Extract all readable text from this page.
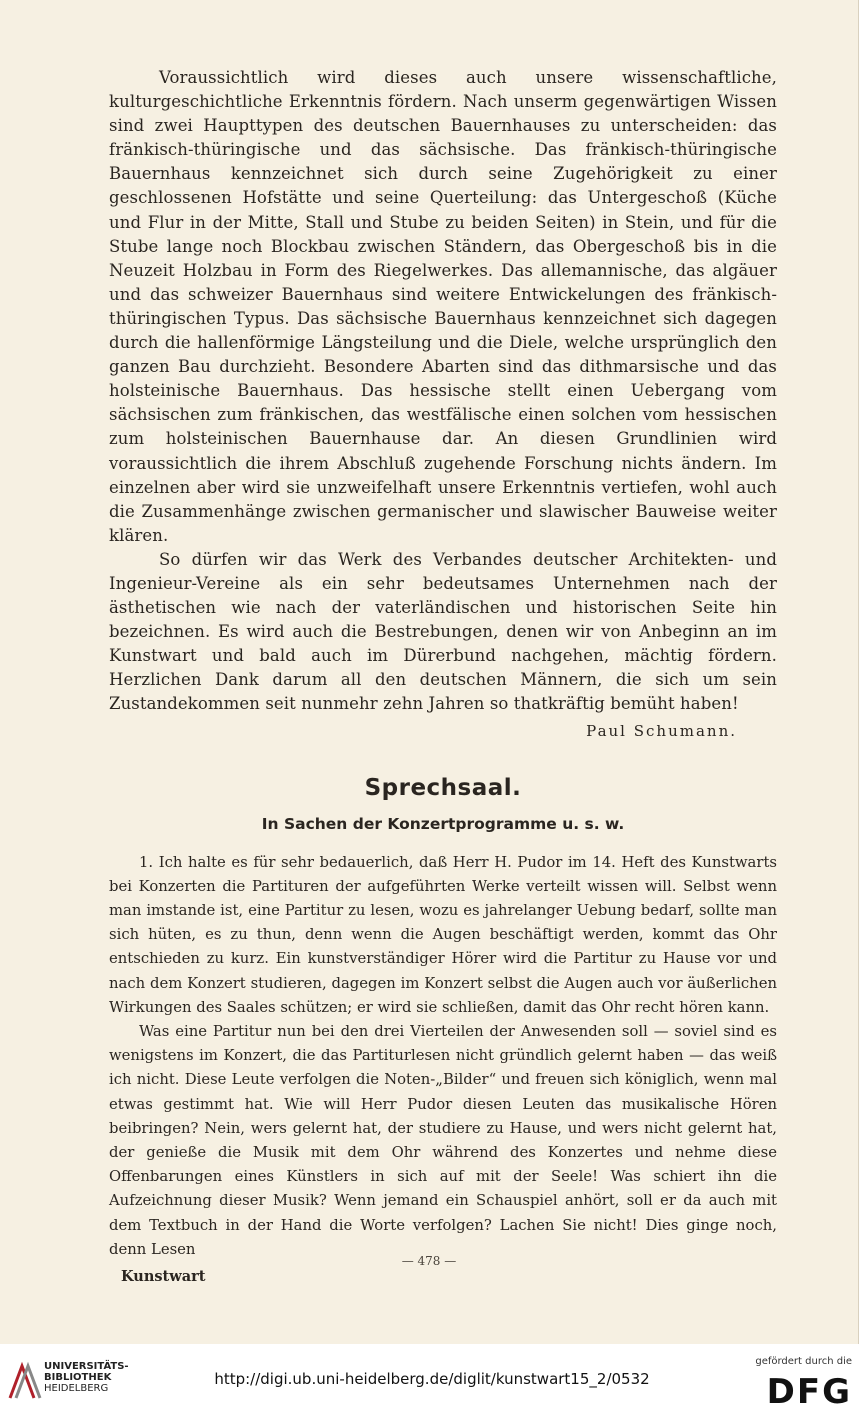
Voraussichtlich wird dieses auch unsere wissenschaftliche, kulturgeschichtliche Erkenntnis fördern. Nach unserm gegenwärtigen Wissen sind zwei Haupttypen des deutschen Bauernhauses zu unterscheiden: das fränkisch-thüringische und das sächsische. Das fränkisch-thüringische Bauernhaus kennzeichnet sich durch seine Zugehörigkeit zu einer geschlossenen Hofstätte und seine Querteilung: das Untergeschoß (Küche und Flur in der Mitte, Stall und Stube zu beiden Seiten) in Stein, und für die Stube lange noch Blockbau zwischen Ständern, das Obergeschoß bis in die Neuzeit Holzbau in Form des Riegelwerkes. Das allemannische, das algäuer und das schweizer Bauernhaus sind weitere Entwickelungen des fränkisch-thüringischen Typus. Das sächsische Bauernhaus kennzeichnet sich dagegen durch die hallenförmige Längsteilung und die Diele, welche ursprünglich den ganzen Bau durchzieht. Besondere Abarten sind das dithmarsische und das holsteinische Bauernhaus. Das hessische stellt einen Uebergang vom sächsischen zum fränkischen, das westfälische einen solchen vom hessischen zum holsteinischen Bauernhause dar. An diesen Grundlinien wird voraussichtlich die ihrem Abschluß zugehende Forschung nichts ändern. Im einzelnen aber wird sie unzweifelhaft unsere Erkenntnis vertiefen, wohl auch die Zusammenhänge zwischen germanischer und slawischer Bauweise weiter klären.

So dürfen wir das Werk des Verbandes deutscher Architekten- und Ingenieur-Vereine als ein sehr bedeutsames Unternehmen nach der ästhetischen wie nach der vaterländischen und historischen Seite hin bezeichnen. Es wird auch die Bestrebungen, denen wir von Anbeginn an im Kunstwart und bald auch im Dürerbund nachgehen, mächtig fördern. Herzlichen Dank darum all den deutschen Männern, die sich um sein Zustandekommen seit nunmehr zehn Jahren so thatkräftig bemüht haben!

Paul Schumann.
Sprechsaal.
In Sachen der Konzertprogramme u. s. w.

1. Ich halte es für sehr bedauerlich, daß Herr H. Pudor im 14. Heft des Kunstwarts bei Konzerten die Partituren der aufgeführten Werke verteilt wissen will. Selbst wenn man imstande ist, eine Partitur zu lesen, wozu es jahrelanger Uebung bedarf, sollte man sich hüten, es zu thun, denn wenn die Augen beschäftigt werden, kommt das Ohr entschieden zu kurz. Ein kunstverständiger Hörer wird die Partitur zu Hause vor und nach dem Konzert studieren, dagegen im Konzert selbst die Augen auch vor äußerlichen Wirkungen des Saales schützen; er wird sie schließen, damit das Ohr recht hören kann.

Was eine Partitur nun bei den drei Vierteilen der Anwesenden soll — soviel sind es wenigstens im Konzert, die das Partiturlesen nicht gründlich gelernt haben — das weiß ich nicht. Diese Leute verfolgen die Noten-„Bilder“ und freuen sich königlich, wenn mal etwas gestimmt hat. Wie will Herr Pudor diesen Leuten das musikalische Hören beibringen? Nein, wers gelernt hat, der studiere zu Hause, und wers nicht gelernt hat, der genieße die Musik mit dem Ohr während des Konzertes und nehme diese Offenbarungen eines Künstlers in sich auf mit der Seele! Was schiert ihn die Aufzeichnung dieser Musik? Wenn jemand ein Schauspiel anhört, soll er da auch mit dem Textbuch in der Hand die Worte verfolgen? Lachen Sie nicht! Dies ginge noch, denn Lesen

Kunstwart
— 478 —
UNIVERSITÄTS-
BIBLIOTHEK
HEIDELBERG
http://digi.ub.uni-heidelberg.de/diglit/kunstwart15_2/0532
gefördert durch die
DFG
